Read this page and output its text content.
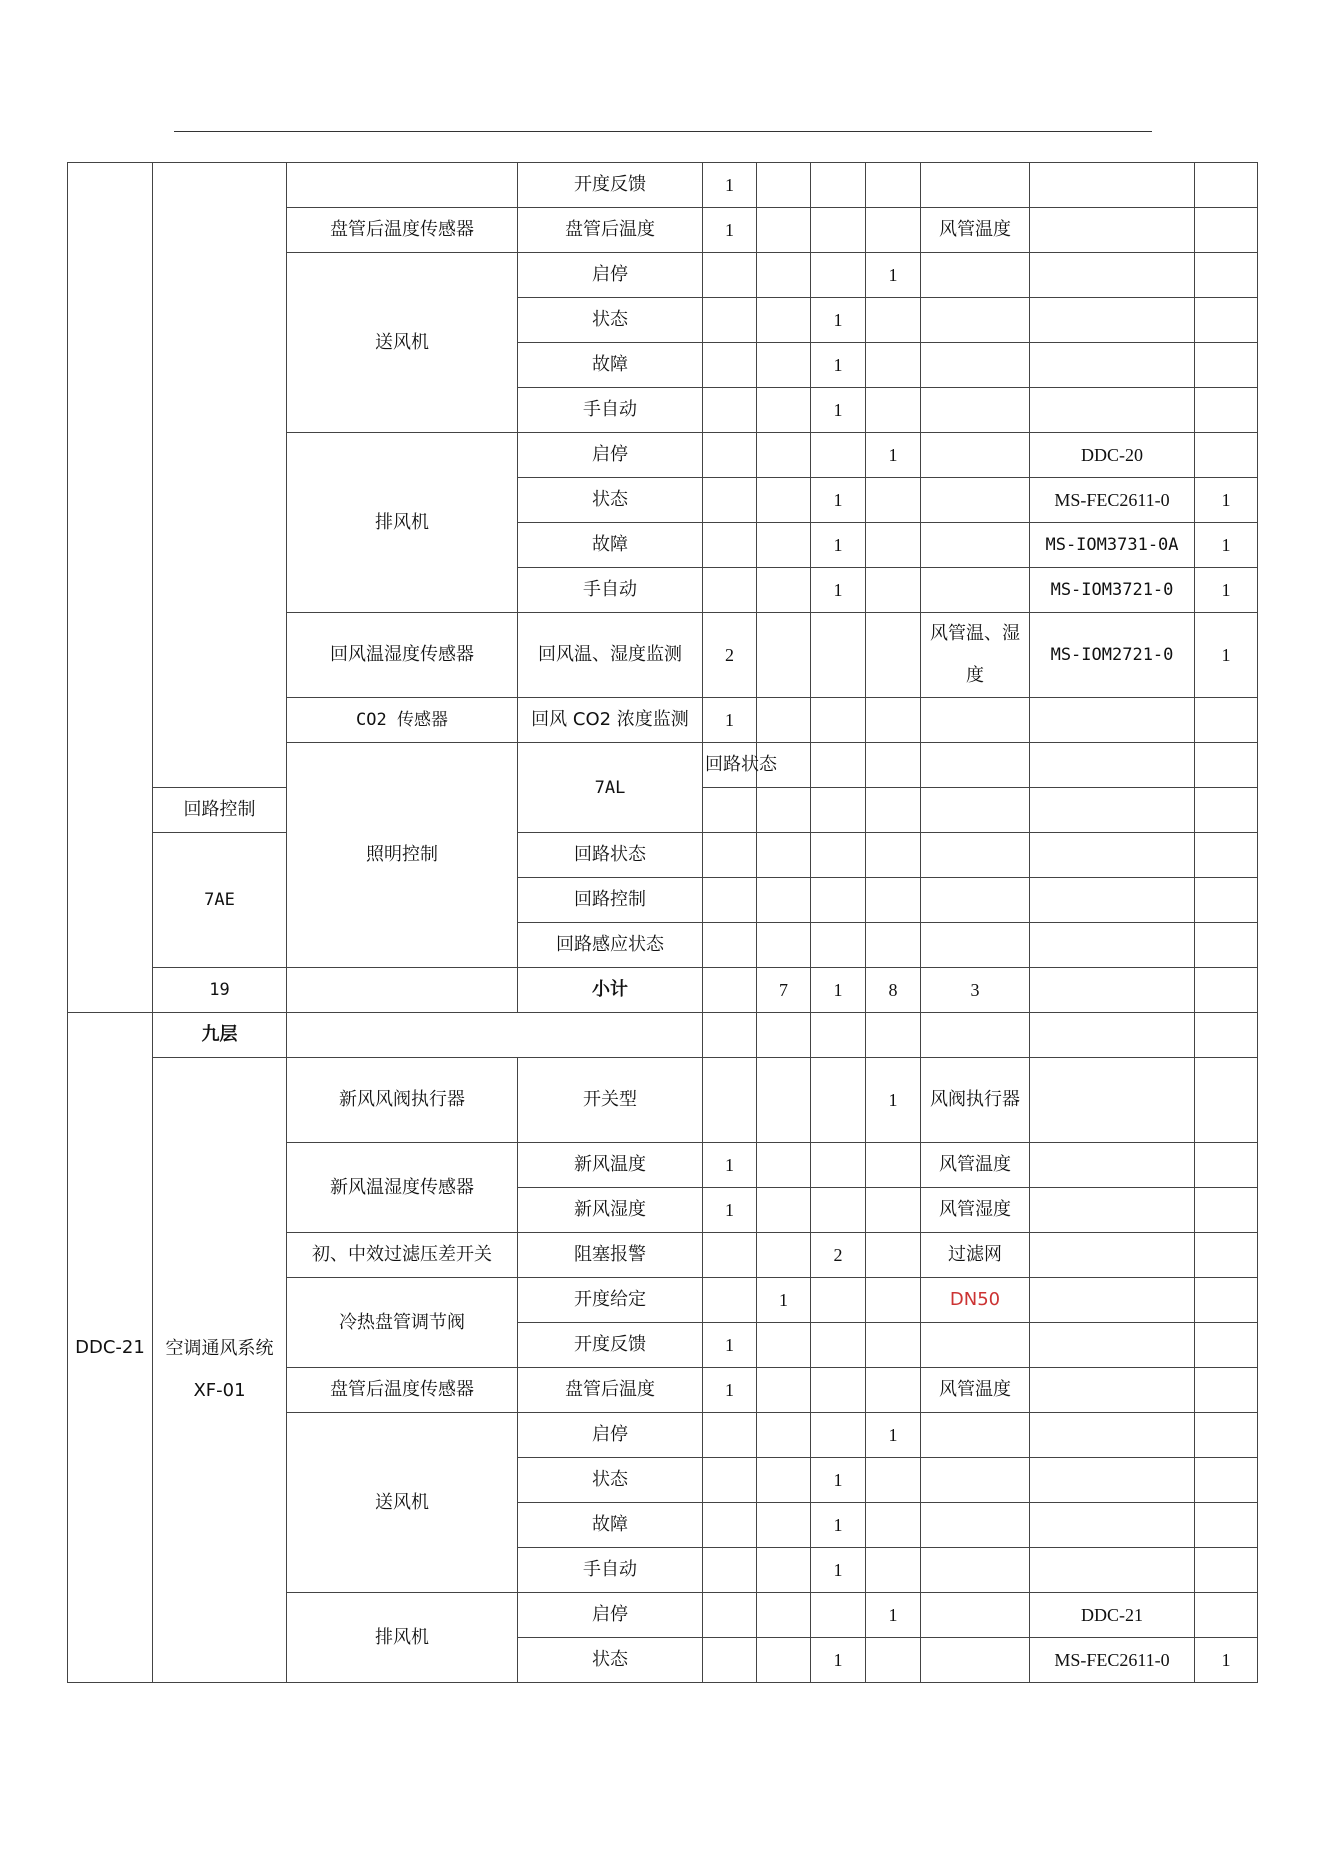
			开度反馈	1							
		盘管后温度传感器	盘管后温度	1				风管温度			
		送风机	启停				1				
			状态			1					
			故障			1					
			手自动			1					
		排风机	启停				1		DDC-20		
			状态			1			MS-FEC2611-0	1	
			故障			1			MS-IOM3731-0A	1	
			手自动			1			MS-IOM3721-0	1	
		回风温湿度传感器	回风温、湿度监测	2				风管温、湿度	MS-IOM2721-0	1	
		CO2 传感器	回风 CO2 浓度监测	1							
		照明控制	7AL	回路状态							
	回路控制										
	7AE		回路状态								
			回路控制								
			回路感应状态								
	19		小计		7	1	8	3			
DDC-21	九层										
	空调通风系统 XF-01	新风风阀执行器	开关型				1	风阀执行器			
		新风温湿度传感器	新风温度	1				风管温度			
			新风湿度	1				风管湿度			
		初、中效过滤压差开关	阻塞报警			2		过滤网			
		冷热盘管调节阀	开度给定		1			DN50			
			开度反馈	1							
		盘管后温度传感器	盘管后温度	1				风管温度			
		送风机	启停				1				
			状态			1					
			故障			1					
			手自动			1					
		排风机	启停				1		DDC-21		
			状态			1			MS-FEC2611-0	1	
